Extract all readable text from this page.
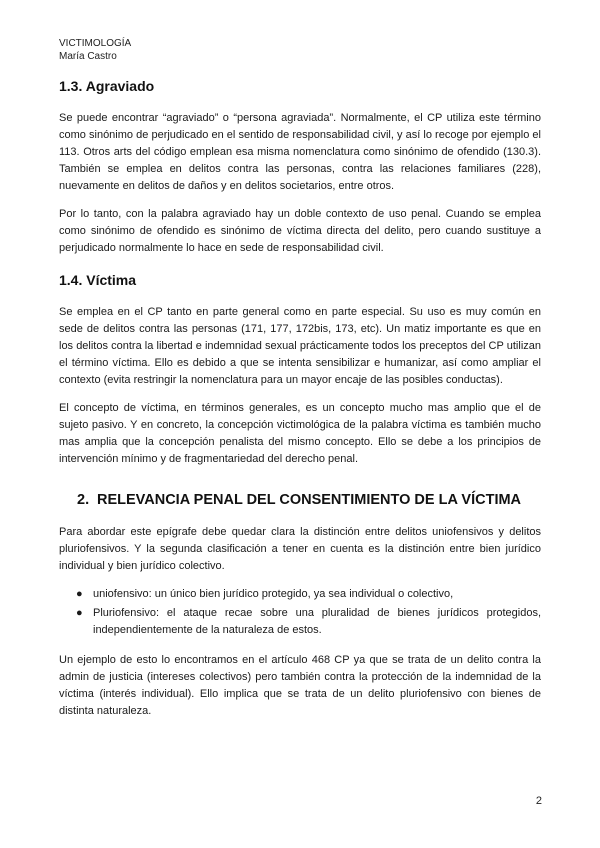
VICTIMOLOGÍA
María Castro
1.3. Agraviado

Se puede encontrar “agraviado” o “persona agraviada”. Normalmente, el CP utiliza este término como sinónimo de perjudicado en el sentido de responsabilidad civil, y así lo recoge por ejemplo el 113. Otros arts del código emplean esa misma nomenclatura como sinónimo de ofendido (130.3). También se emplea en delitos contra las personas, contra las relaciones familiares (228), nuevamente en delitos de daños y en delitos societarios, entre otros.

Por lo tanto, con la palabra agraviado hay un doble contexto de uso penal. Cuando se emplea como sinónimo de ofendido es sinónimo de víctima directa del delito, pero cuando sustituye a perjudicado normalmente lo hace en sede de responsabilidad civil.

1.4. Víctima

Se emplea en el CP tanto en parte general como en parte especial. Su uso es muy común en sede de delitos contra las personas (171, 177, 172bis, 173, etc). Un matiz importante es que en los delitos contra la libertad e indemnidad sexual prácticamente todos los preceptos del CP utilizan el término víctima. Ello es debido a que se intenta sensibilizar e humanizar, así como ampliar el contexto (evita restringir la nomenclatura para un mayor encaje de las posibles conductas).

El concepto de víctima, en términos generales, es un concepto mucho mas amplio que el de sujeto pasivo. Y en concreto, la concepción victimológica de la palabra víctima es también mucho mas amplia que la concepción penalista del mismo concepto. Ello se debe a los principios de intervención mínimo y de fragmentariedad del derecho penal.

2. RELEVANCIA PENAL DEL CONSENTIMIENTO DE LA VÍCTIMA

Para abordar este epígrafe debe quedar clara la distinción entre delitos uniofensivos y delitos pluriofensivos. Y la segunda clasificación a tener en cuenta es la distinción entre bien jurídico individual y bien jurídico colectivo.

● uniofensivo: un único bien jurídico protegido, ya sea individual o colectivo,
● Pluriofensivo: el ataque recae sobre una pluralidad de bienes jurídicos protegidos, independientemente de la naturaleza de estos.

Un ejemplo de esto lo encontramos en el artículo 468 CP ya que se trata de un delito contra la admin de justicia (intereses colectivos) pero también contra la protección de la indemnidad de la víctima (interés individual). Ello implica que se trata de un delito pluriofensivo con bienes de distinta naturaleza.

2
